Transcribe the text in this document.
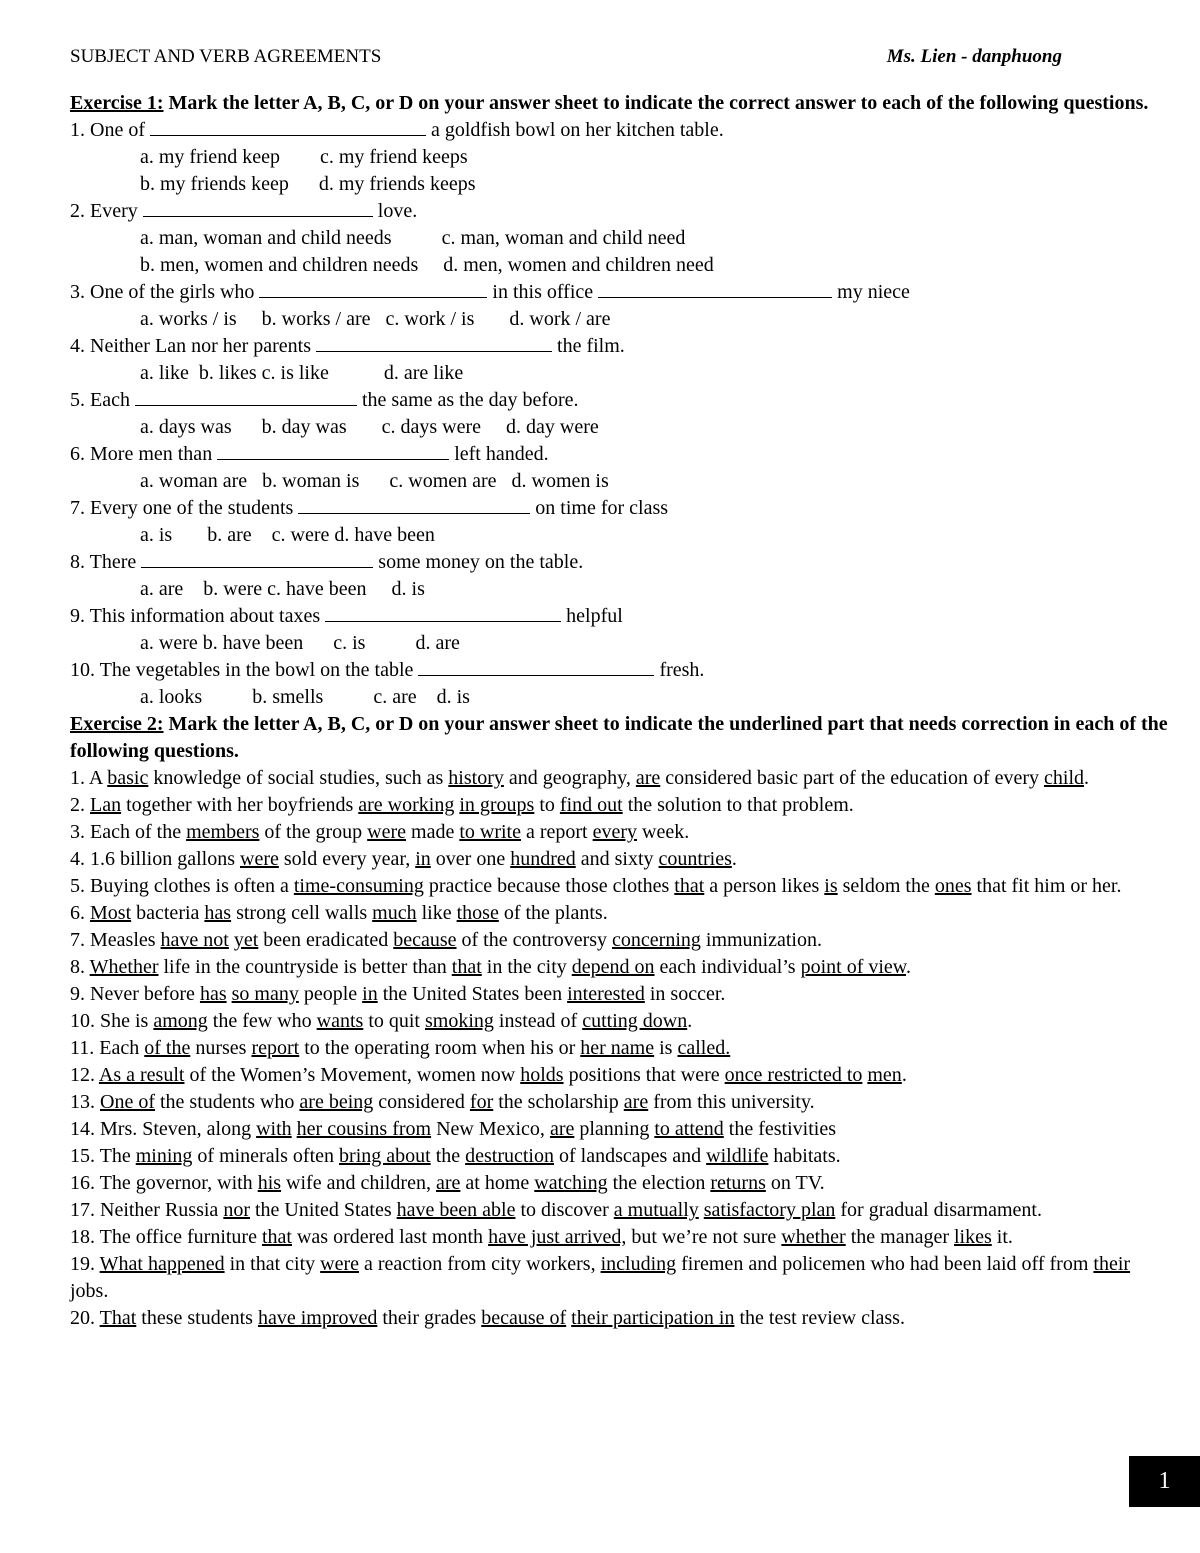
SUBJECT AND VERB AGREEMENTS	Ms. Lien - danphuong
Exercise 1: Mark the letter A, B, C, or D on your answer sheet to indicate the correct answer to each of the following questions.
1. One of	a goldfish bowl on her kitchen table.
a. my friend keep        c. my friend keeps
b. my friends keep      d. my friends keeps
2. Every	love.
a. man, woman and child needs          c. man, woman and child need
b. men, women and children needs     d. men, women and children need
3. One of the girls who	in this office	my niece
a. works / is     b. works / are   c. work / is       d. work / are
4. Neither Lan nor her parents	the film.
a. like  b. likes c. is like           d. are like
5. Each	the same as the day before.
a. days was      b. day was       c. days were     d. day were
6. More men than	left handed.
a. woman are   b. woman is      c. women are   d. women is
7. Every one of the students	on time for class
a. is       b. are    c. were d. have been
8. There	some money on the table.
a. are    b. were c. have been     d. is
9. This information about taxes	helpful
a. were b. have been      c. is          d. are
10. The vegetables in the bowl on the table	fresh.
a. looks          b. smells          c. are    d. is
Exercise 2: Mark the letter A, B, C, or D on your answer sheet to indicate the underlined part that needs correction in each of the following questions.
1. A basic knowledge of social studies, such as history and geography, are considered basic part of the education of every child.
2. Lan together with her boyfriends are working in groups to find out the solution to that problem.
3. Each of the members of the group were made to write a report every week.
4. 1.6 billion gallons were sold every year, in over one hundred and sixty countries.
5. Buying clothes is often a time-consuming practice because those clothes that a person likes is seldom the ones that fit him or her.
6. Most bacteria has strong cell walls much like those of the plants.
7. Measles have not yet been eradicated because of the controversy concerning immunization.
8. Whether life in the countryside is better than that in the city depend on each individual’s point of view.
9. Never before has so many people in the United States been interested in soccer.
10. She is among the few who wants to quit smoking instead of cutting down.
11. Each of the nurses report to the operating room when his or her name is called.
12. As a result of the Women’s Movement, women now holds positions that were once restricted to men.
13. One of the students who are being considered for the scholarship are from this university.
14. Mrs. Steven, along with her cousins from New Mexico, are planning to attend the festivities
15. The mining of minerals often bring about the destruction of landscapes and wildlife habitats.
16. The governor, with his wife and children, are at home watching the election returns on TV.
17. Neither Russia nor the United States have been able to discover a mutually satisfactory plan for gradual disarmament.
18. The office furniture that was ordered last month have just arrived, but we’re not sure whether the manager likes it.
19. What happened in that city were a reaction from city workers, including firemen and policemen who had been laid off from their jobs.
20. That these students have improved their grades because of their participation in the test review class.
1
